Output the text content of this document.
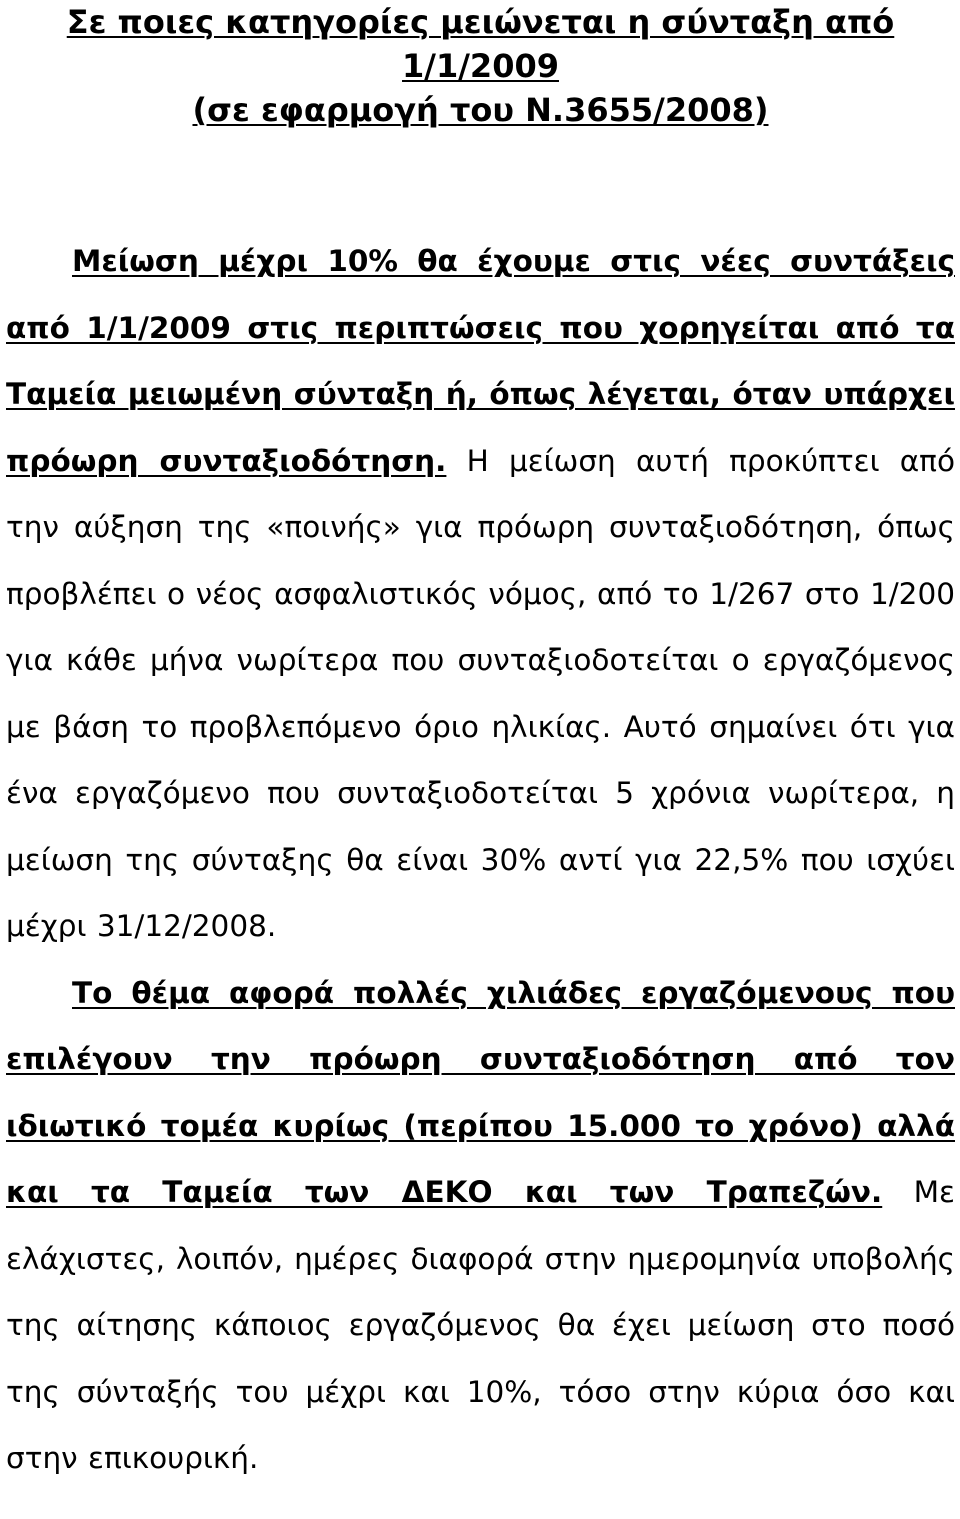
Σε ποιες κατηγορίες μειώνεται η σύνταξη από
1/1/2009
(σε εφαρμογή του Ν.3655/2008)

Μείωση μέχρι 10% θα έχουμε στις νέες συντάξεις από 1/1/2009 στις περιπτώσεις που χορηγείται από τα Ταμεία μειωμένη σύνταξη ή, όπως λέγεται, όταν υπάρχει πρόωρη συνταξιοδότηση. Η μείωση αυτή προκύπτει από την αύξηση της «ποινής» για πρόωρη συνταξιοδότηση, όπως προβλέπει ο νέος ασφαλιστικός νόμος, από το 1/267 στο 1/200 για κάθε μήνα νωρίτερα που συνταξιοδοτείται ο εργαζόμενος με βάση το προβλεπόμενο όριο ηλικίας. Αυτό σημαίνει ότι για ένα εργαζόμενο που συνταξιοδοτείται 5 χρόνια νωρίτερα, η μείωση της σύνταξης θα είναι 30% αντί για 22,5% που ισχύει μέχρι 31/12/2008.

Το θέμα αφορά πολλές χιλιάδες εργαζόμενους που επιλέγουν την πρόωρη συνταξιοδότηση από τον ιδιωτικό τομέα κυρίως (περίπου 15.000 το χρόνο) αλλά και τα Ταμεία των ΔΕΚΟ και των Τραπεζών. Με ελάχιστες, λοιπόν, ημέρες διαφορά στην ημερομηνία υποβολής της αίτησης κάποιος εργαζόμενος θα έχει μείωση στο ποσό της σύνταξής του μέχρι και 10%, τόσο στην κύρια όσο και στην επικουρική.
